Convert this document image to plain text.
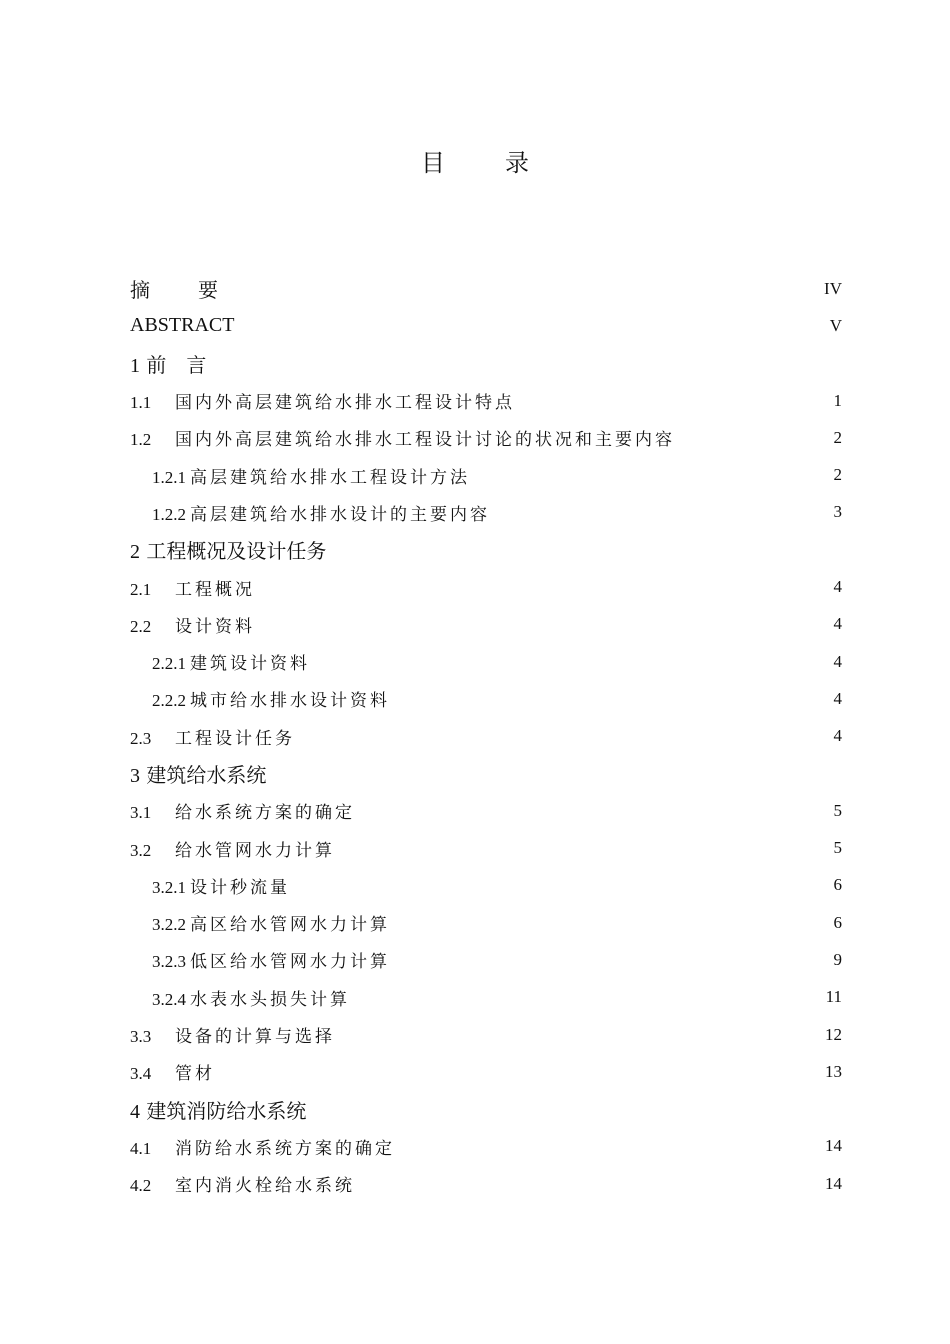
目	录
摘　要	IV
ABSTRACT	V
1 前　言
1.1 国内外高层建筑给水排水工程设计特点	1
1.2 国内外高层建筑给水排水工程设计讨论的状况和主要内容	2
1.2.1 高层建筑给水排水工程设计方法	2
1.2.2 高层建筑给水排水设计的主要内容	3
2 工程概况及设计任务
2.1 工程概况	4
2.2 设计资料	4
2.2.1 建筑设计资料	4
2.2.2 城市给水排水设计资料	4
2.3 工程设计任务	4
3 建筑给水系统
3.1 给水系统方案的确定	5
3.2 给水管网水力计算	5
3.2.1 设计秒流量	6
3.2.2 高区给水管网水力计算	6
3.2.3 低区给水管网水力计算	9
3.2.4 水表水头损失计算	11
3.3 设备的计算与选择	12
3.4 管材	13
4 建筑消防给水系统
4.1 消防给水系统方案的确定	14
4.2 室内消火栓给水系统	14
